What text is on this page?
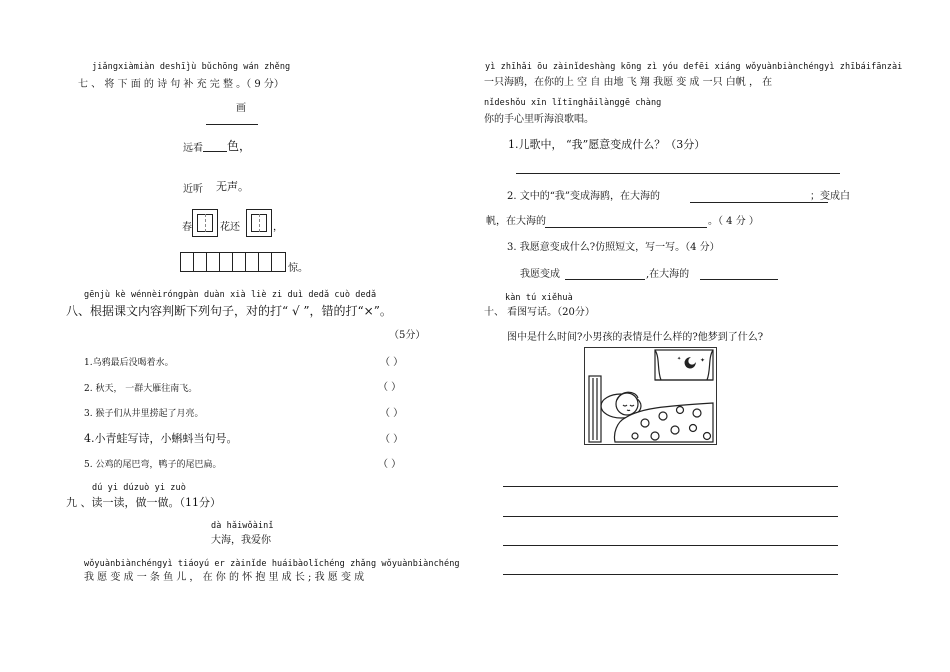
jiǎngxiàmiàn deshīj̀ù bǔchōng wán zhěng
七 、 将 下 面 的 诗 句 补 充 完 整 。（ 9 分）
画
远看 色，
近听 无声。
春	花还	，
惊。
gēnjù kè wénnèiróngpàn duàn xià liè zi duì dedǎ cuò dedǎ
八、根据课文内容判断下列句子，对的打“ √ ”，错的打“×”。
（5分）
1.乌鸦最后没喝着水。	（ ）
2. 秋天， 一群大雁往南飞。	（ ）
3. 猴子们从井里捞起了月亮。	（ ）
4.小青蛙写诗，小蝌蚪当句号。	（ ）
5. 公鸡的尾巴弯，鸭子的尾巴扁。	（ ）
dú yi dúzuò yi zuò
九 、读一读，做一做。（11分）
dà hǎiwǒàinǐ
大海，我爱你
wǒyuànbiànchéngyì tiáoyú er zàinǐde huáibàolǐchéng zhǎng wǒyuànbiànchéng
我 愿 变 成 一 条 鱼 儿 ， 在 你 的 怀 抱 里 成 长 ; 我 愿 变 成
yì zhīhǎi ōu zàinǐdeshàng kōng zì yóu defēi xiáng wǒyuànbiànchéngyì zhībáifānzài
一只海鸥，在你的上 空 自 由地 飞 翔 我愿 变 成 一只 白帆 ， 在
nǐdeshǒu xīn lǐtīnghǎilànggē chàng
你的手心里听海浪歌唱。
1.儿歌中， “我”愿意变成什么？（3分）
2. 文中的“我”变成海鸥，在大海的	；变成白
帆，在大海的	。（ 4 分 ）
3. 我愿意变成什么?仿照短文，写一写。（4 分）
我愿变成	,在大海的
kàn tú xiěhuà
十、 看图写话。（20分）
图中是什么时间?小男孩的表情是什么样的?他梦到了什么?
✦
✦
